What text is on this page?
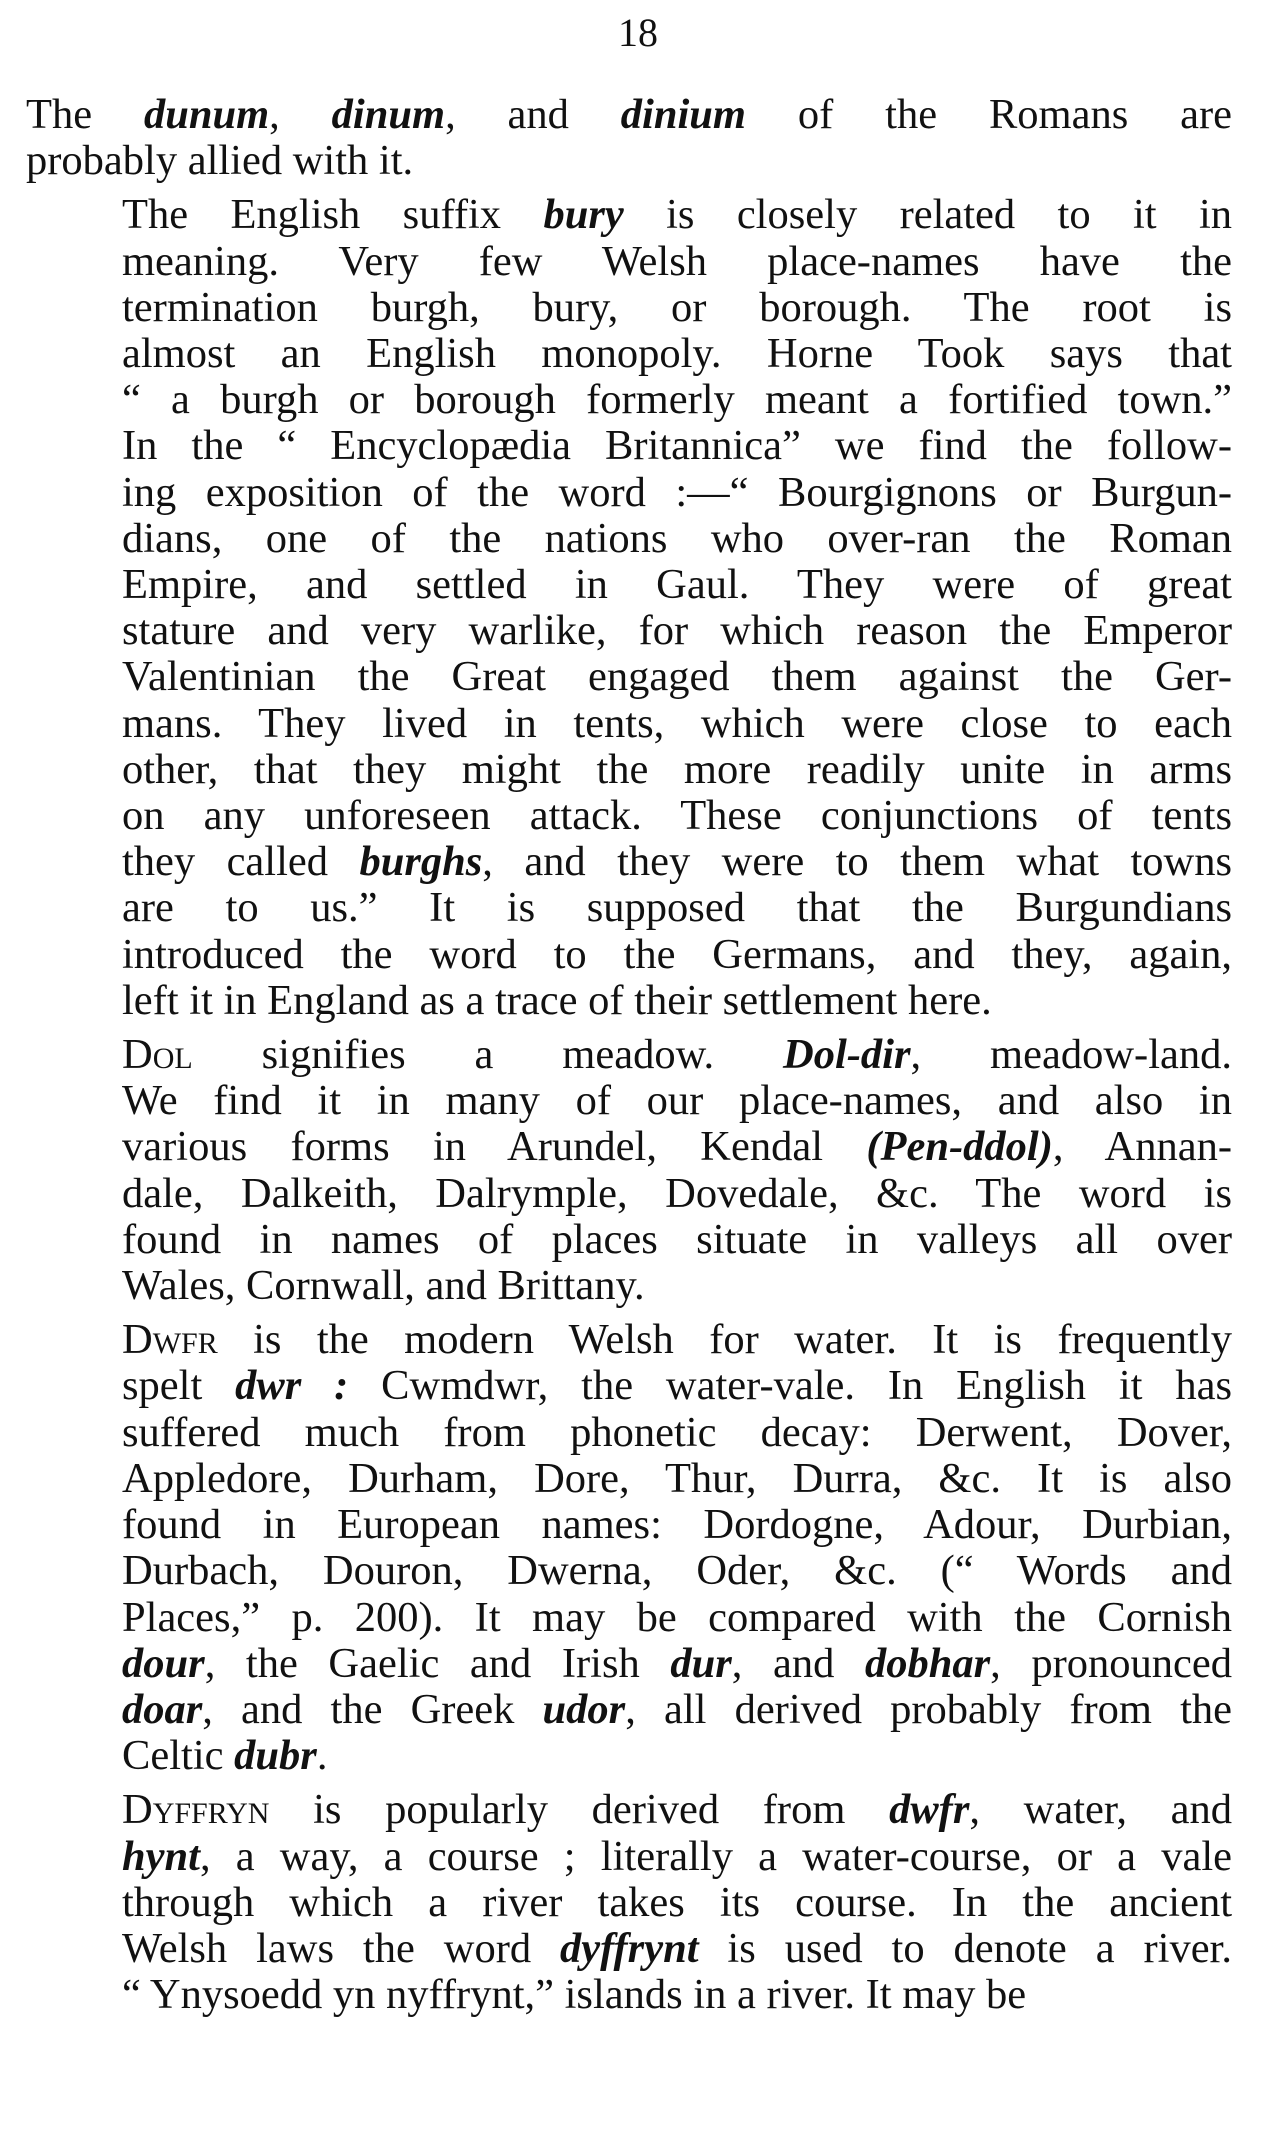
18

The dunum, dinum, and dinium of the Romans are
probably allied with it.

The English suffix bury is closely related to it in
meaning. Very few Welsh place-names have the
termination burgh, bury, or borough. The root is
almost an English monopoly. Horne Took says that
“ a burgh or borough formerly meant a fortified town.”
In the “ Encyclopædia Britannica” we find the follow-
ing exposition of the word :—“ Bourgignons or Burgun-
dians, one of the nations who over-ran the Roman
Empire, and settled in Gaul. They were of great
stature and very warlike, for which reason the Emperor
Valentinian the Great engaged them against the Ger-
mans. They lived in tents, which were close to each
other, that they might the more readily unite in arms
on any unforeseen attack. These conjunctions of tents
they called burghs, and they were to them what towns
are to us.” It is supposed that the Burgundians
introduced the word to the Germans, and they, again,
left it in England as a trace of their settlement here.

Dol signifies a meadow. Dol-dir, meadow-land.
We find it in many of our place-names, and also in
various forms in Arundel, Kendal (Pen-ddol), Annan-
dale, Dalkeith, Dalrymple, Dovedale, &c. The word is
found in names of places situate in valleys all over
Wales, Cornwall, and Brittany.

Dwfr is the modern Welsh for water. It is frequently
spelt dwr : Cwmdwr, the water-vale. In English it has
suffered much from phonetic decay: Derwent, Dover,
Appledore, Durham, Dore, Thur, Durra, &c. It is also
found in European names: Dordogne, Adour, Durbian,
Durbach, Douron, Dwerna, Oder, &c. (“ Words and
Places,” p. 200). It may be compared with the Cornish
dour, the Gaelic and Irish dur, and dobhar, pronounced
doar, and the Greek udor, all derived probably from the
Celtic dubr.

Dyffryn is popularly derived from dwfr, water, and
hynt, a way, a course ; literally a water-course, or a vale
through which a river takes its course. In the ancient
Welsh laws the word dyffrynt is used to denote a river.
“ Ynysoedd yn nyffrynt,” islands in a river. It may be
